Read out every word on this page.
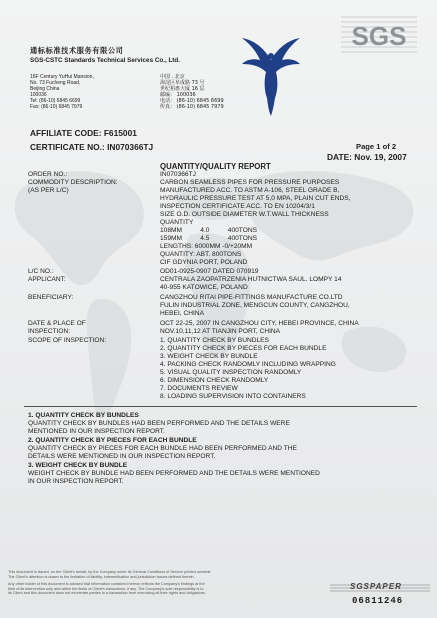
通标标准技术服务有限公司
SGS-CSTC Standards Technical Services Co., Ltd.
SGS
16F Century YuHui Mansion,
No. 73 Fucheng Road,
Beijing China
100036
Tel: (86-10) 6845 6699
Fax: (86-10) 6845 7979
中国 . 北京
海淀区阜成路 73 号
世纪裕惠大厦 16 层
邮编： 100036
电话： (86-10) 6845 6699
传真： (86-10) 6845 7979
AFFILIATE CODE: F615001
CERTIFICATE NO.: IN070366TJ	Page 1 of 2
DATE: Nov. 19, 2007
QUANTITY/QUALITY REPORT
ORDER NO.:	IN070366TJ
COMMODITY DESCRIPTION:
(AS PER L/C)
CARBON SEAMLESS PIPES FOR PRESSURE PURPOSES
MANUFACTURED ACC. TO ASTM A-106, STEEL GRADE B,
HYDRAULIC PRESSURE TEST AT 5,0 MPA, PLAIN CUT ENDS,
INSPECTION CERTIFICATE ACC. TO EN 10204/3/1
SIZE O.D. OUTSIDE DIAMETER W.T.WALL THICKNESS
QUANTITY
108MM          4.0          400TONS
159MM          4.5          400TONS
LENGTHS: 6000MM -0/+20MM
QUANTITY: ABT. 800TONS
CIF GDYNIA PORT, POLAND
L/C NO.:	OD01-0925-0907 DATED 070919
APPLICANT:	CENTRALA ZAOPATRZENIA HUTNICTWA SAUL. LOMPY 14
40-955 KATOWICE, POLAND
BENEFICIARY:	CANGZHOU RITAI PIPE-FITTINGS MANUFACTURE CO.LTD
FULIN INDUSTRIAL ZONE, MENGCUN COUNTY, CANGZHOU,
HEBEI, CHINA
DATE & PLACE OF
INSPECTION:
OCT 22-25, 2007 IN CANGZHOU CITY, HEBEI PROVINCE, CHINA
NOV.10,11,12 AT TIANJIN PORT, CHINA
SCOPE OF INSPECTION:	1. QUANTITY CHECK BY BUNDLES
2. QUANTITY CHECK BY PIECES FOR EACH BUNDLE
3. WEIGHT CHECK BY BUNDLE
4. PACKING CHECK RANDOMLY INCLUDING WRAPPING
5. VISUAL QUALITY INSPECTION RANDOMLY
6. DIMENSION CHECK RANDOMLY
7. DOCUMENTS REVIEW
8. LOADING SUPERVISION INTO CONTAINERS
1. QUANTITY CHECK BY BUNDLES
QUANTITY CHECK BY BUNDLES HAD BEEN PERFORMED AND THE DETAILS WERE
MENTIONED IN OUR INSPECTION REPORT.
2. QUANTITY CHECK BY PIECES FOR EACH BUNDLE
QUANTITY CHECK BY PIECES FOR EACH BUNDLE HAD BEEN PERFORMED AND THE
DETAILS WERE MENTIONED IN OUR INSPECTION REPORT.
3. WEIGHT CHECK BY BUNDLE
WEIGHT CHECK BY BUNDLE HAD BEEN PERFORMED AND THE DETAILS WERE MENTIONED
IN OUR INSPECTION REPORT.
This document is issued, on the Client's behalf, by the Company under its General Conditions of Service printed overleaf.
The Client's attention is drawn to the limitation of liability, indemnification and jurisdiction issues defined therein.
Any other holder of this document is advised that information contained hereon reflects the Company's findings at the
time of its intervention only and within the limits of Client's instructions, if any. The Company's sole responsibility is to
its Client and this document does not exonerate parties to a transaction from exercising all their rights and obligations.
SGSPAPER
06811246
